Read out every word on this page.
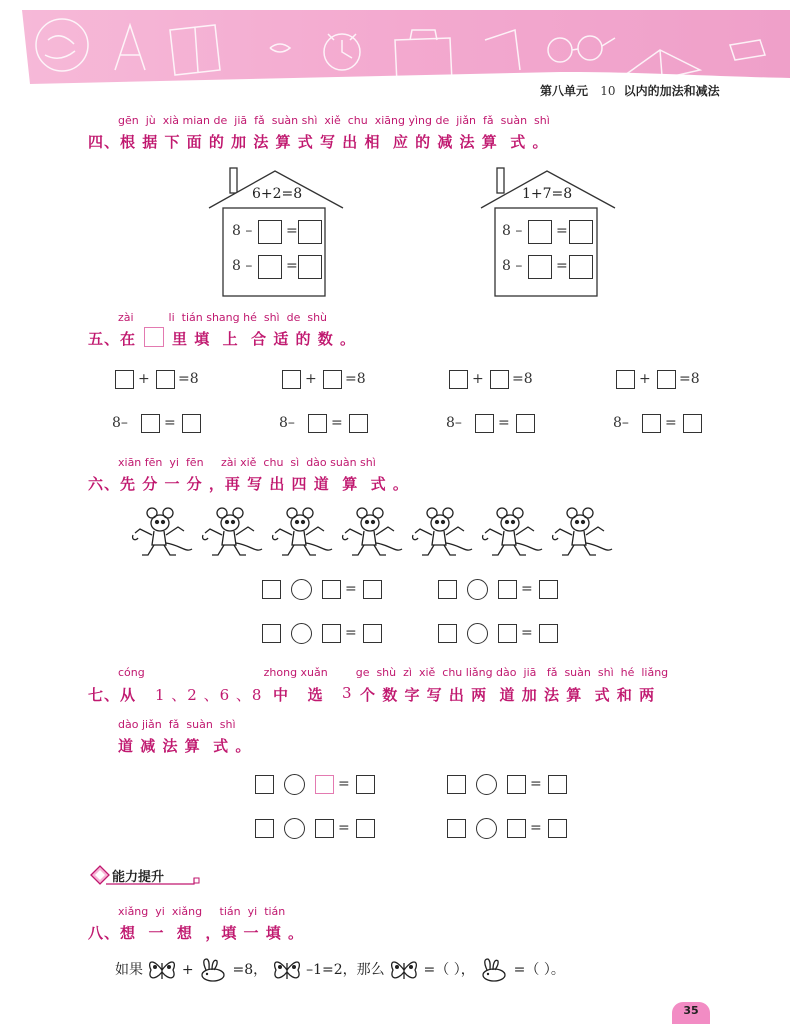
第八单元 10 以内的加法和减法
gēn  jù  xià mian de  jiā  fǎ  suàn shì  xiě  chu  xiāng yìng de  jiǎn  fǎ  suàn  shì
四、根 据 下 面 的 加 法 算 式 写 出 相  应 的 减 法 算  式 。
6+2=8
8 – =
8 – =
1+7=8
8 – =
8 – =
zài          li  tián shang hé  shì  de  shù
五、在 里 填  上  合 适 的 数 。
+ =8	+ =8	+ =8	+ =8
8–	=	8–	=	8–	=	8–	=
xiān fēn  yi  fēn     zài xiě  chu  sì  dào suàn shì
六、先 分 一 分 ，再 写 出 四 道  算  式 。
=	=
=	=
cóng                                  zhong xuǎn        ge  shù  zì  xiě  chu liǎng dào  jiā   fǎ  suàn  shì  hé  liǎng
七、从 1 、2 、6 、8 中   选 3 个 数 字 写 出 两  道 加 法 算  式 和 两
dào jiǎn  fǎ  suàn  shì
道 减 法 算  式 。
=	=
=	=
能力提升
xiǎng  yi  xiǎng     tián  yi  tián
八、想  一  想  ，填 一 填 。
如果	+	=8，	–1=2，那么	=（ ），	=（ ）。
35
